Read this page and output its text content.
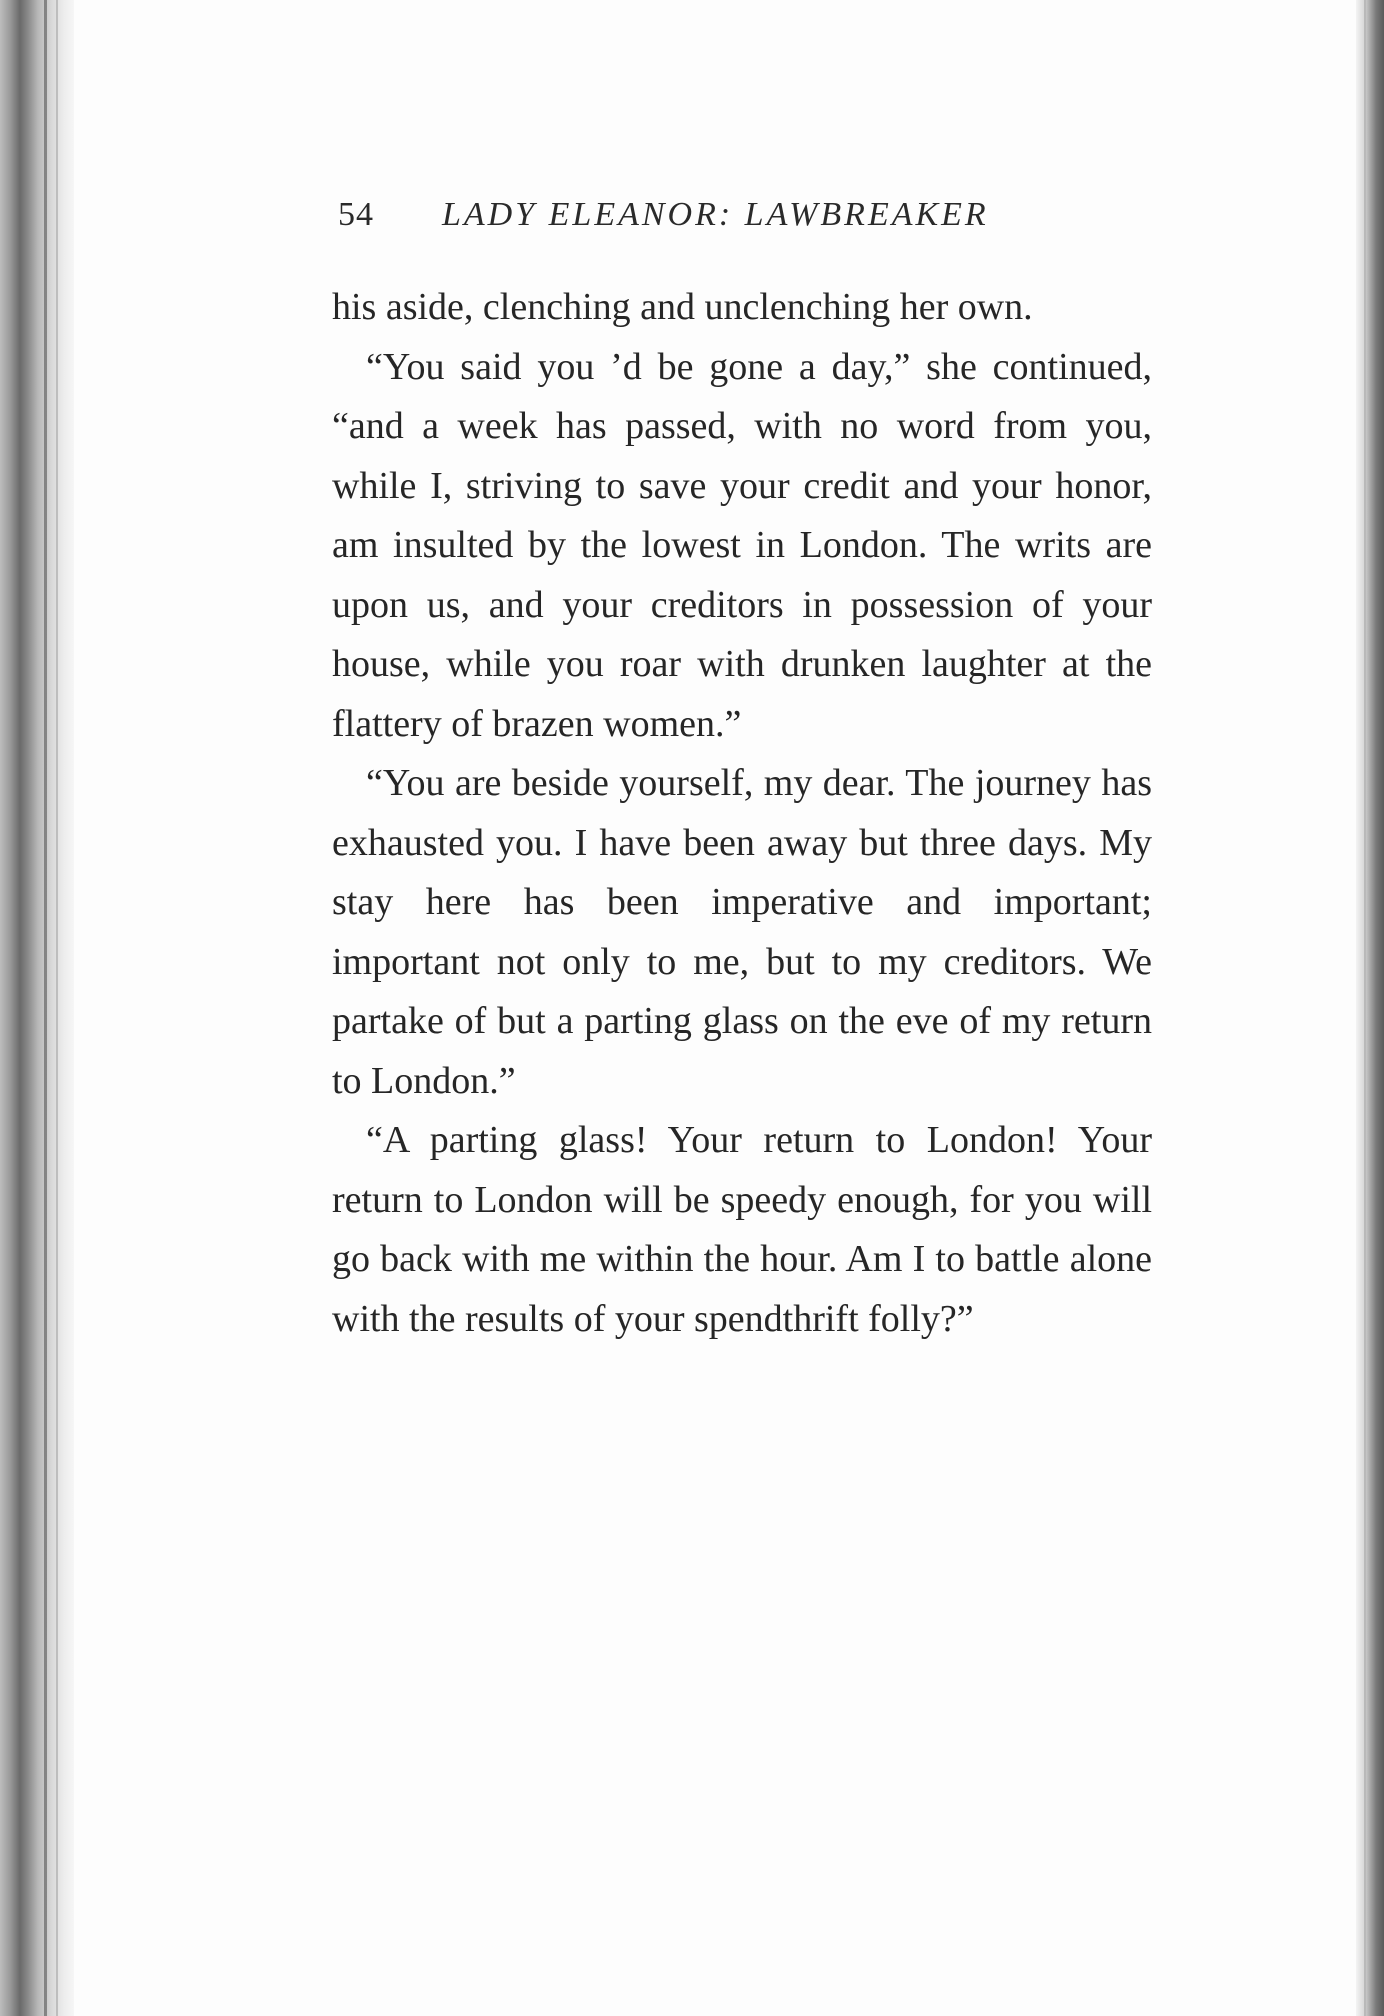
54 LADY ELEANOR: LAWBREAKER

his aside, clenching and unclenching her own.

“You said you ’d be gone a day,” she continued, “and a week has passed, with no word from you, while I, striving to save your credit and your honor, am insulted by the lowest in London. The writs are upon us, and your creditors in possession of your house, while you roar with drunken laughter at the flattery of brazen women.”

“You are beside yourself, my dear. The journey has exhausted you. I have been away but three days. My stay here has been imperative and important; important not only to me, but to my creditors. We partake of but a parting glass on the eve of my return to London.”

“A parting glass! Your return to London! Your return to London will be speedy enough, for you will go back with me within the hour. Am I to battle alone with the results of your spendthrift folly?”
